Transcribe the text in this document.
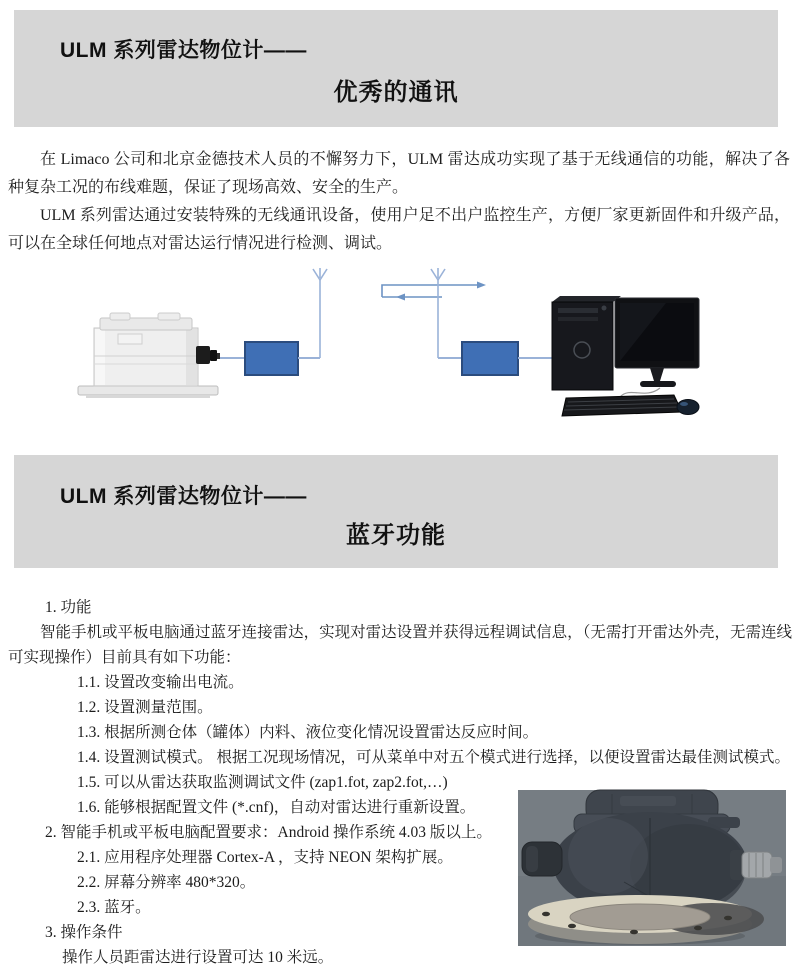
ULM 系列雷达物位计——
优秀的通讯

在 Limaco 公司和北京金德技术人员的不懈努力下，ULM 雷达成功实现了基于无线通信的功能，解决了各种复杂工况的布线难题，保证了现场高效、安全的生产。

ULM 系列雷达通过安装特殊的无线通讯设备，使用户足不出户监控生产，方便厂家更新固件和升级产品，可以在全球任何地点对雷达运行情况进行检测、调试。

ULM 系列雷达物位计——
蓝牙功能
1. 功能
智能手机或平板电脑通过蓝牙连接雷达，实现对雷达设置并获得远程调试信息，（无需打开雷达外壳，无需连线可实现操作）目前具有如下功能：
1.1. 设置改变输出电流。
1.2. 设置测量范围。
1.3. 根据所测仓体（罐体）内料、液位变化情况设置雷达反应时间。
1.4. 设置测试模式。 根据工况现场情况，可从菜单中对五个模式进行选择，以便设置雷达最佳测试模式。
1.5. 可以从雷达获取监测调试文件 (zap1.fot, zap2.fot,…)
1.6. 能够根据配置文件 (*.cnf)，自动对雷达进行重新设置。
2. 智能手机或平板电脑配置要求：Android 操作系统 4.03 版以上。
2.1. 应用程序处理器 Cortex-A ，支持 NEON 架构扩展。
2.2. 屏幕分辨率 480*320。
2.3. 蓝牙。
3. 操作条件
操作人员距雷达进行设置可达 10 米远。
